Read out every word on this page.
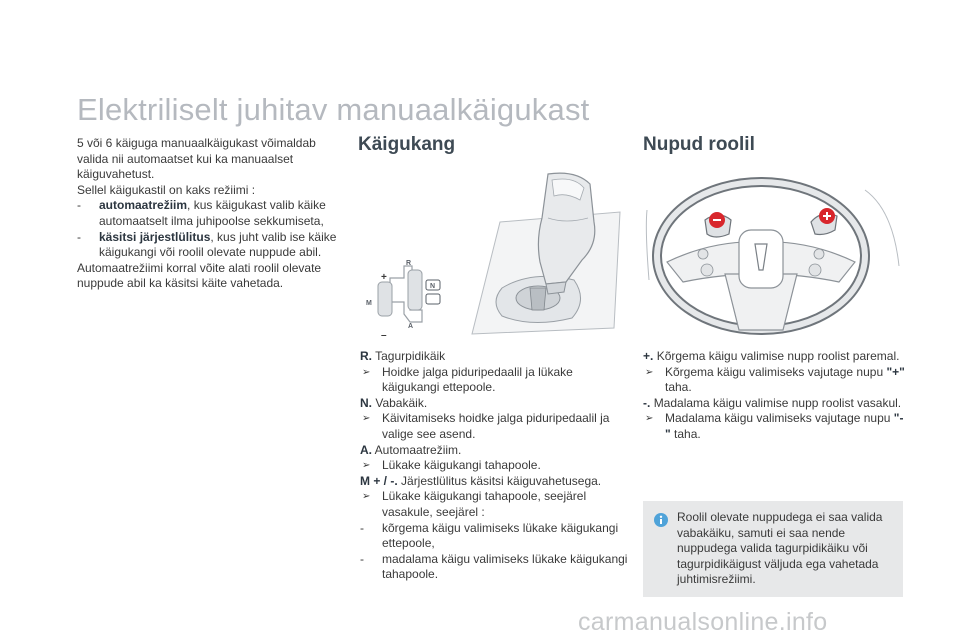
Elektriliselt juhitav manuaalkäigukast
5 või 6 käiguga manuaalkäigukast võimaldab valida nii automaatset kui ka manuaalset käiguvahetust.
Sellel käigukastil on kaks režiimi :
- automaatrežiim, kus käigukast valib käike automaatselt ilma juhipoolse sekkumiseta,
- käsitsi järjestlülitus, kus juht valib ise käike käigukangi või roolil olevate nuppude abil.
Automaatrežiimi korral võite alati roolil olevate nuppude abil ka käsitsi käite vahetada.
Käigukang	Nupud roolil
R
N
A
M
+
–
R. Tagurpidikäik
➢ Hoidke jalga piduripedaalil ja lükake käigukangi ettepoole.
N. Vabakäik.
➢ Käivitamiseks hoidke jalga piduripedaalil ja valige see asend.
A. Automaatrežiim.
➢ Lükake käigukangi tahapoole.
M + / -. Järjestlülitus käsitsi käiguvahetusega.
➢ Lükake käigukangi tahapoole, seejärel vasakule, seejärel :
- kõrgema käigu valimiseks lükake käigukangi ettepoole,
- madalama käigu valimiseks lükake käigukangi tahapoole.
+. Kõrgema käigu valimise nupp roolist paremal.
➢ Kõrgema käigu valimiseks vajutage nupu "+" taha.
-. Madalama käigu valimise nupp roolist vasakul.
➢ Madalama käigu valimiseks vajutage nupu "-" taha.
Roolil olevate nuppudega ei saa valida vabakäiku, samuti ei saa nende nuppudega valida tagurpidikäiku või tagurpidikäigust väljuda ega vahetada juhtimisrežiimi.
carmanualsonline.info
